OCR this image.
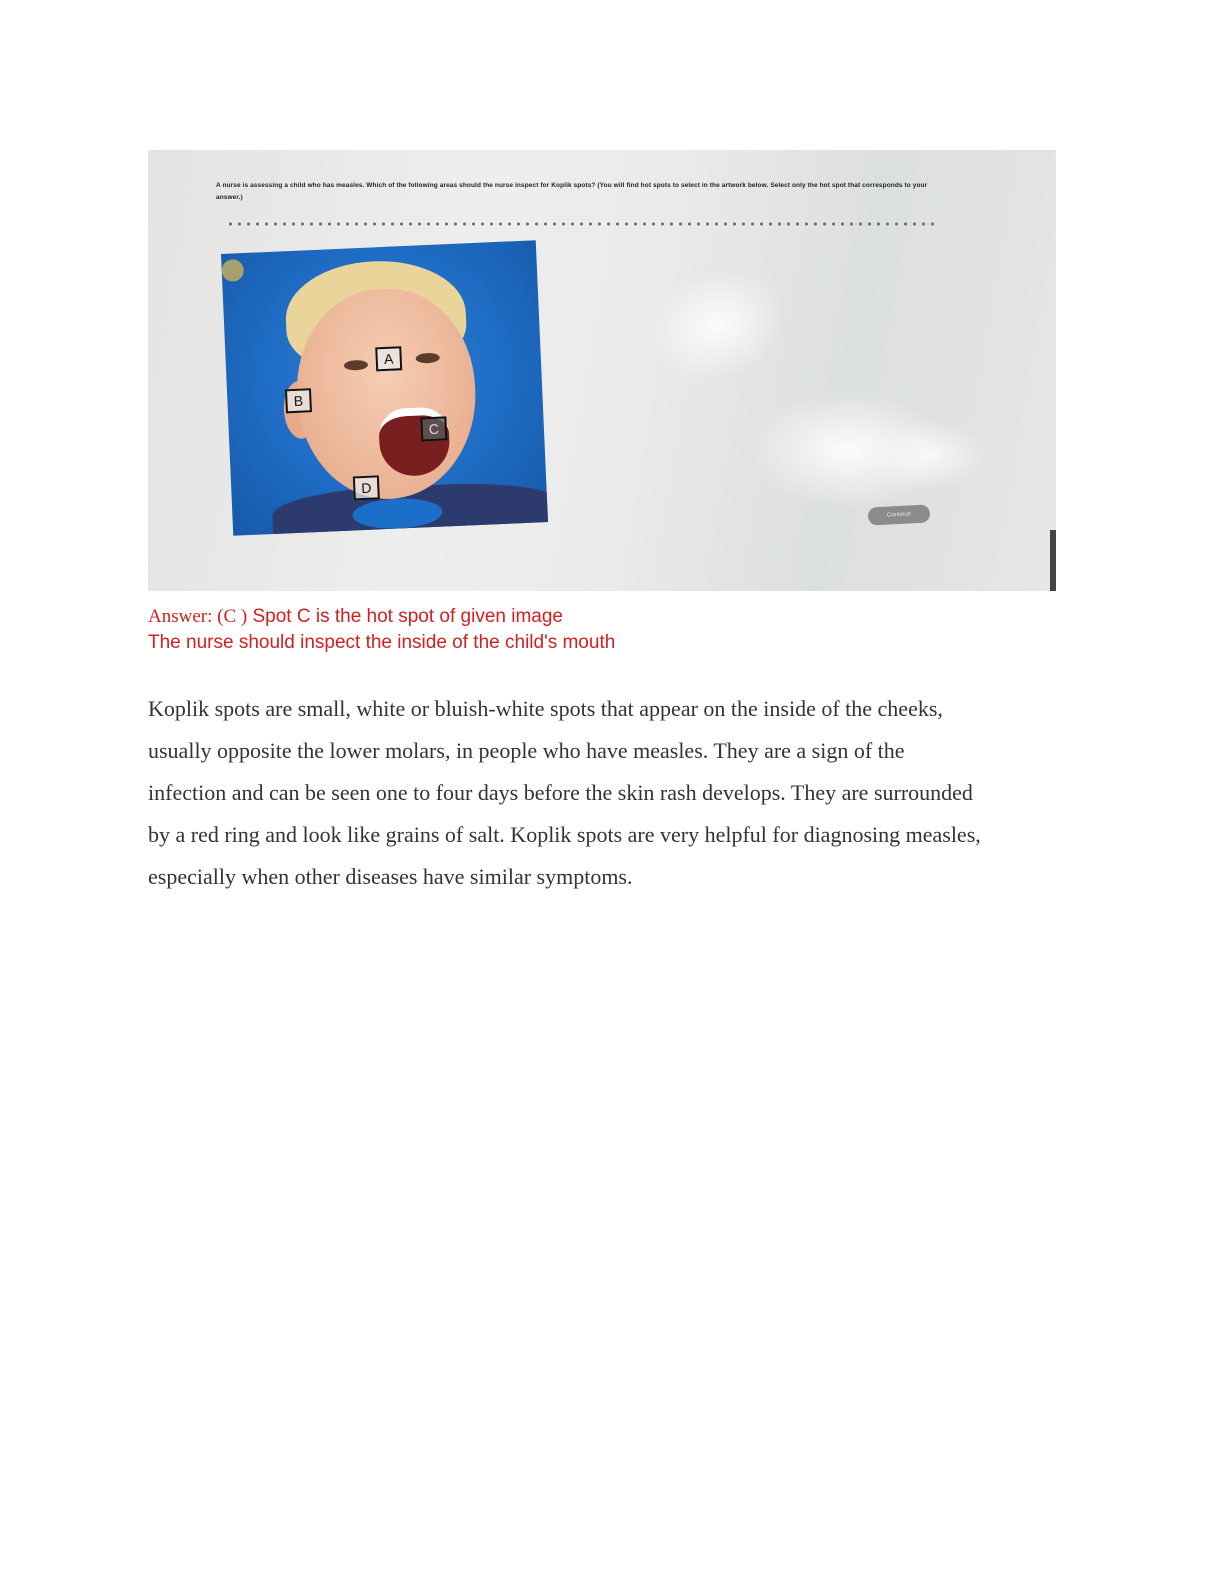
A nurse is assessing a child who has measles. Which of the following areas should the nurse inspect for Koplik spots? (You will find hot spots to select in the artwork below. Select only the hot spot that corresponds to your answer.)
A
B
C
D
Continue
Answer: (C ) Spot C is the hot spot of given image
The nurse should inspect the inside of the child's mouth
Koplik spots are small, white or bluish-white spots that appear on the inside of the cheeks, usually opposite the lower molars, in people who have measles. They are a sign of the infection and can be seen one to four days before the skin rash develops. They are surrounded by a red ring and look like grains of salt. Koplik spots are very helpful for diagnosing measles, especially when other diseases have similar symptoms.
